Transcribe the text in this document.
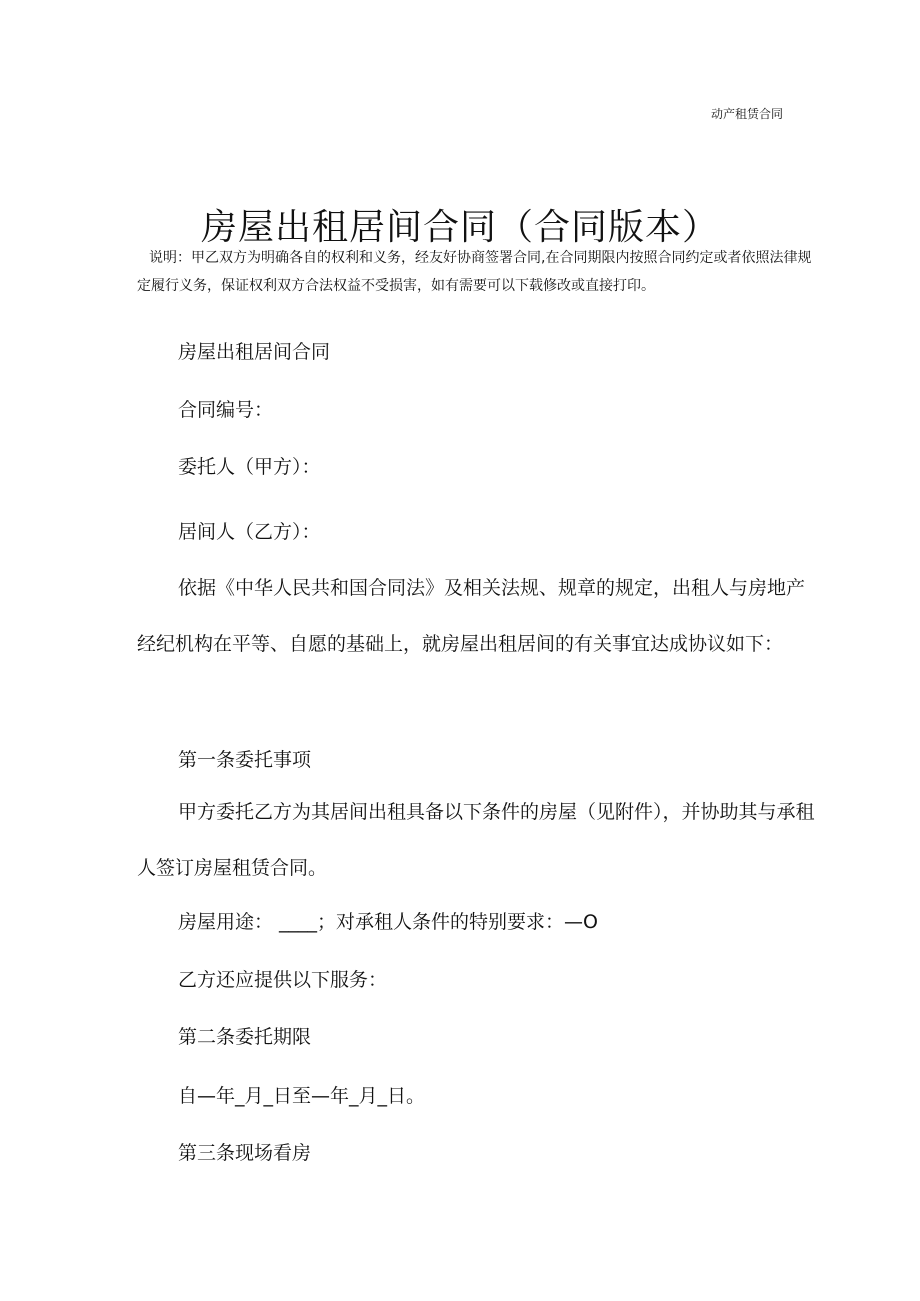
动产租赁合同
房屋出租居间合同（合同版本）

说明：甲乙双方为明确各自的权利和义务，经友好协商签署合同,在合同期限内按照合同约定或者依照法律规定履行义务，保证权利双方合法权益不受损害，如有需要可以下载修改或直接打印。

房屋出租居间合同
合同编号：
委托人（甲方）：
居间人（乙方）：

依据《中华人民共和国合同法》及相关法规、规章的规定，出租人与房地产经纪机构在平等、自愿的基础上，就房屋出租居间的有关事宜达成协议如下：

第一条委托事项

甲方委托乙方为其居间出租具备以下条件的房屋（见附件），并协助其与承租人签订房屋租赁合同。

房屋用途： ____；对承租人条件的特别要求：—O
乙方还应提供以下服务：
第二条委托期限
自—年_月_日至—年_月_日。
第三条现场看房
